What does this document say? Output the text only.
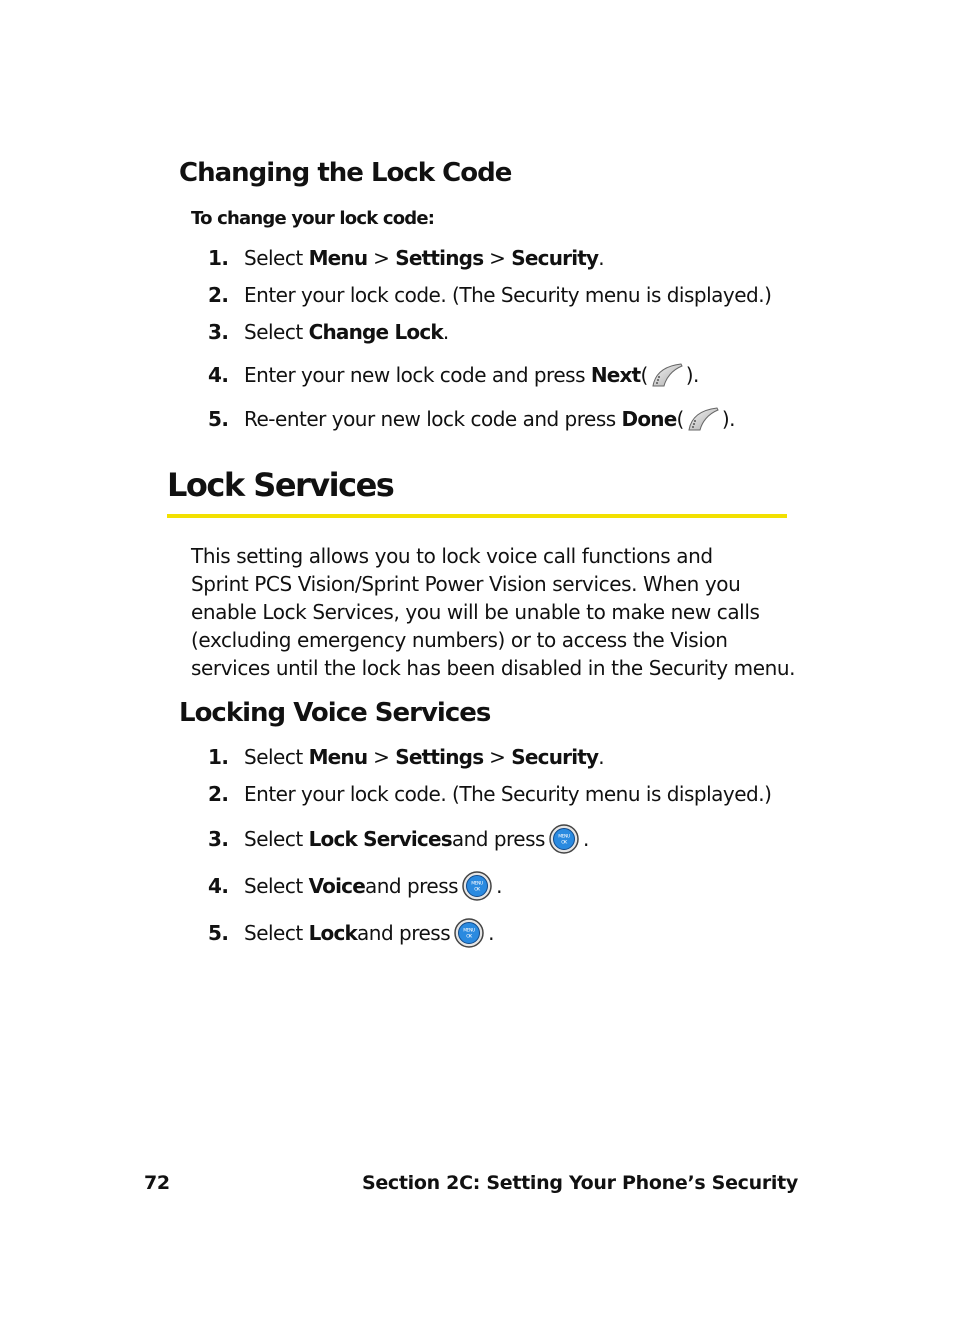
Changing the Lock Code
To change your lock code:
1. Select
Menu
>
Settings
>
Security .
2. Enter your lock code. (The Security menu is displayed.)
3. Select
Change Lock .
4. Enter your new lock code and press
Next ( ).
5. Re-enter your new lock code and press
Done ( ).
Lock Services
This setting allows you to lock voice call functions and
Sprint PCS Vision/Sprint Power Vision services. When you
enable Lock Services, you will be unable to make new calls
(excluding emergency numbers) or to access the Vision
services until the lock has been disabled in the Security menu.
Locking Voice Services
1. Select
Menu
>
Settings
>
Security .
2. Enter your lock code. (The Security menu is displayed.)
3. Select
Lock Services and press	MENU
OK .
4. Select
Voice and press	MENU
OK .
5. Select
Lock and press	MENU
OK .
72	Section 2C: Setting Your Phone’s Security
